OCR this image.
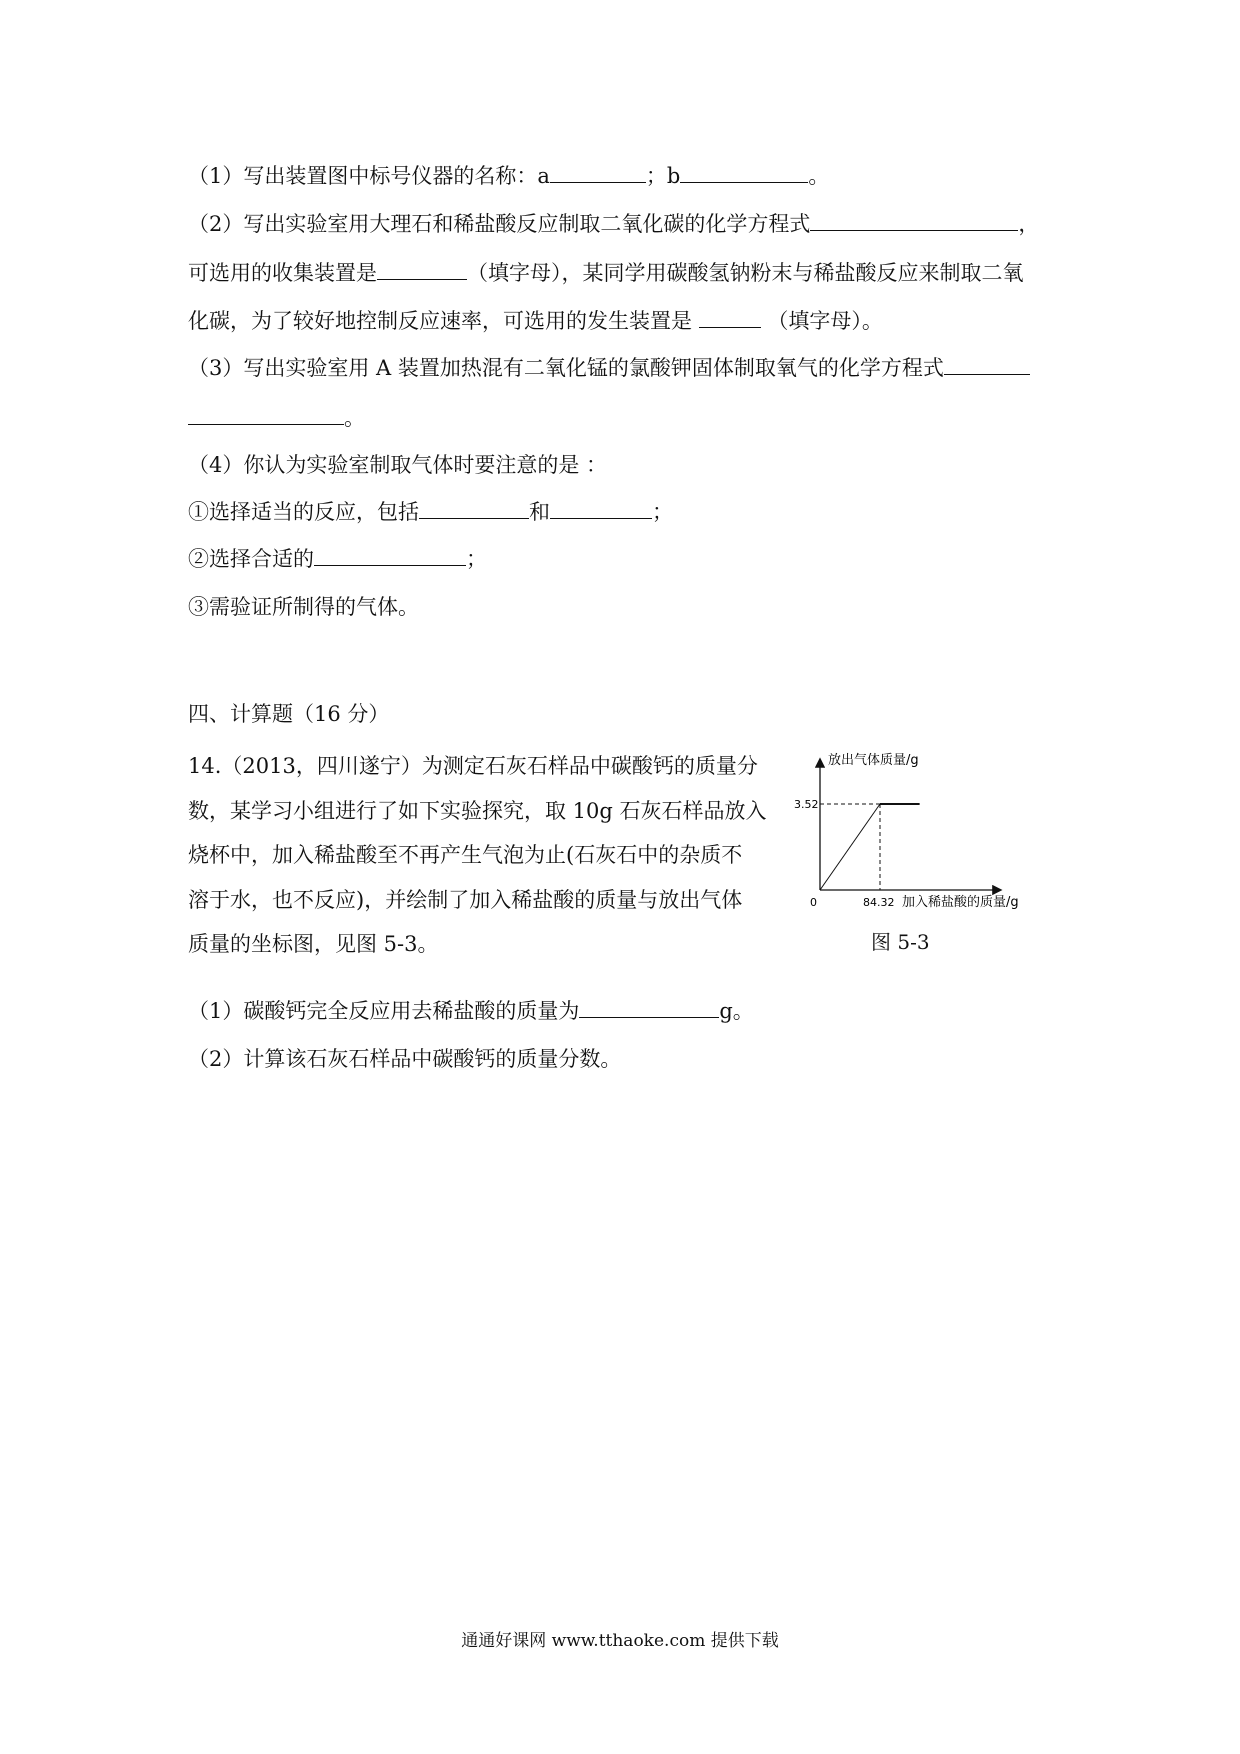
（1）写出装置图中标号仪器的名称：a	；b	。
（2）写出实验室用大理石和稀盐酸反应制取二氧化碳的化学方程式	，
可选用的收集装置是	（填字母），某同学用碳酸氢钠粉末与稀盐酸反应来制取二氧
化碳，为了较好地控制反应速率，可选用的发生装置是	（填字母）。
（3）写出实验室用 A 装置加热混有二氧化锰的氯酸钾固体制取氧气的化学方程式
。
（4）你认为实验室制取气体时要注意的是 ：
①选择适当的反应，包括	和	；
②选择合适的	；
③需验证所制得的气体。
四、计算题（16 分）
14.（2013，四川遂宁）为测定石灰石样品中碳酸钙的质量分
数，某学习小组进行了如下实验探究，取 10g 石灰石样品放入
烧杯中，加入稀盐酸至不再产生气泡为止(石灰石中的杂质不
溶于水，也不反应)，并绘制了加入稀盐酸的质量与放出气体
质量的坐标图，见图 5-3。
（1）碳酸钙完全反应用去稀盐酸的质量为	g。
（2）计算该石灰石样品中碳酸钙的质量分数。
放出气体质量/g
加入稀盐酸的质量/g
0	84.32
3.52
图 5-3
通通好课网 www.tthaoke.com 提供下载
